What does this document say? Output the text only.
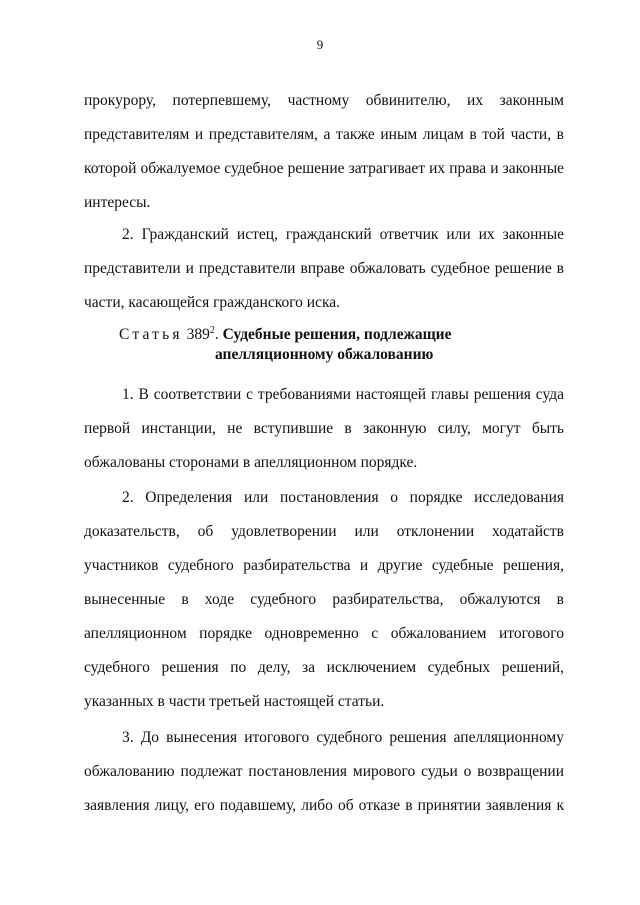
9
прокурору, потерпевшему, частному обвинителю, их законным
представителям и представителям, а также иным лицам в той части, в
которой обжалуемое судебное решение затрагивает их права и законные
интересы.
2. Гражданский истец, гражданский ответчик или их законные
представители и представители вправе обжаловать судебное решение в
части, касающейся гражданского иска.
Статья $389^2$. Судебные решения, подлежащие
апелляционному обжалованию
1. В соответствии с требованиями настоящей главы решения суда
первой инстанции, не вступившие в законную силу, могут быть
обжалованы сторонами в апелляционном порядке.
2. Определения или постановления о порядке исследования
доказательств, об удовлетворении или отклонении ходатайств
участников судебного разбирательства и другие судебные решения,
вынесенные в ходе судебного разбирательства, обжалуются в
апелляционном порядке одновременно с обжалованием итогового
судебного решения по делу, за исключением судебных решений,
указанных в части третьей настоящей статьи.
3. До вынесения итогового судебного решения апелляционному
обжалованию подлежат постановления мирового судьи о возвращении
заявления лицу, его подавшему, либо об отказе в принятии заявления к
